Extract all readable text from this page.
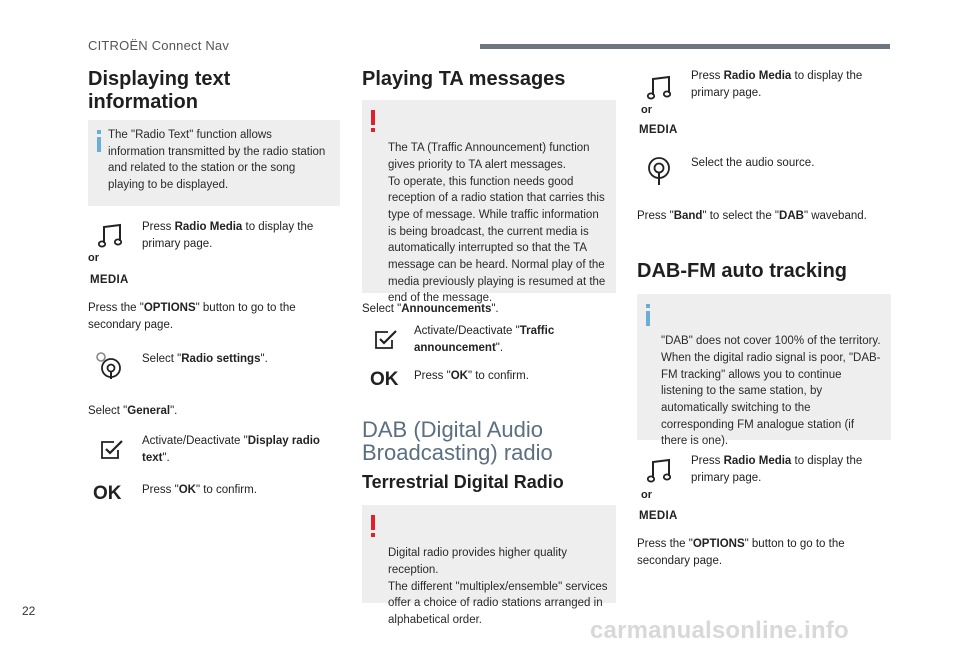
CITROËN Connect Nav
22
carmanualsonline.info
Displaying text information
The "Radio Text" function allows information transmitted by the radio station and related to the station or the song playing to be displayed.
or
MEDIA
Press Radio Media to display the primary page.
Press the "OPTIONS" button to go to the secondary page.
Select "Radio settings".
Select "General".
Activate/Deactivate "Display radio text".
OK Press "OK" to confirm.
Playing TA messages

The TA (Traffic Announcement) function gives priority to TA alert messages.
To operate, this function needs good reception of a radio station that carries this type of message. While traffic information is being broadcast, the current media is automatically interrupted so that the TA message can be heard. Normal play of the media previously playing is resumed at the end of the message.

Select "Announcements".
Activate/Deactivate "Traffic announcement".
OK Press "OK" to confirm.
DAB (Digital Audio
Broadcasting) radio
Terrestrial Digital Radio

Digital radio provides higher quality reception.
The different "multiplex/ensemble" services offer a choice of radio stations arranged in alphabetical order.

or
MEDIA
Press Radio Media to display the primary page.
Select the audio source.
Press "Band" to select the "DAB" waveband.
DAB-FM auto tracking

"DAB" does not cover 100% of the territory.
When the digital radio signal is poor, "DAB-FM tracking" allows you to continue listening to the same station, by automatically switching to the corresponding FM analogue station (if there is one).

or
MEDIA
Press Radio Media to display the primary page.
Press the "OPTIONS" button to go to the secondary page.
